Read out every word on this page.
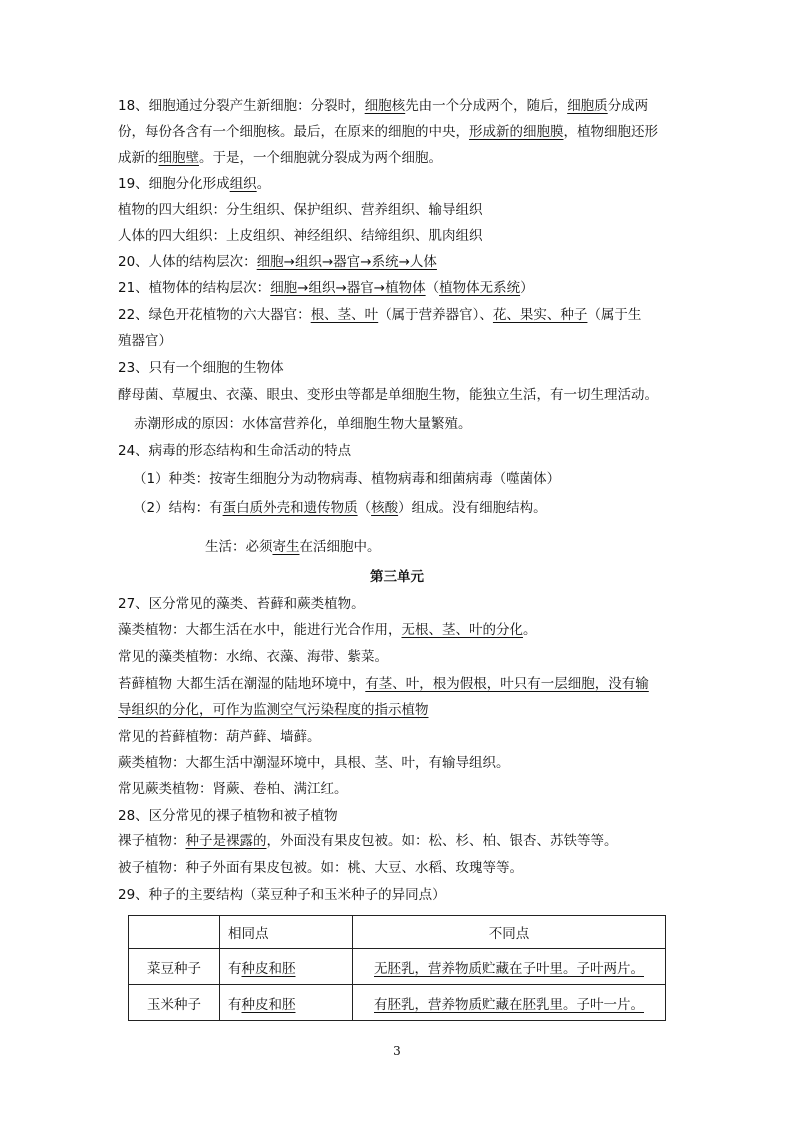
18、细胞通过分裂产生新细胞：分裂时，细胞核先由一个分成两个，随后，细胞质分成两
份，每份各含有一个细胞核。最后，在原来的细胞的中央，形成新的细胞膜，植物细胞还形
成新的细胞壁。于是，一个细胞就分裂成为两个细胞。
19、细胞分化形成组织。
植物的四大组织：分生组织、保护组织、营养组织、输导组织
人体的四大组织：上皮组织、神经组织、结缔组织、肌肉组织
20、人体的结构层次：细胞→组织→器官→系统→人体
21、植物体的结构层次：细胞→组织→器官→植物体（植物体无系统）
22、绿色开花植物的六大器官：根、茎、叶（属于营养器官）、花、果实、种子（属于生
殖器官）
23、只有一个细胞的生物体
酵母菌、草履虫、衣藻、眼虫、变形虫等都是单细胞生物，能独立生活，有一切生理活动。
赤潮形成的原因：水体富营养化，单细胞生物大量繁殖。
24、病毒的形态结构和生命活动的特点
（1）种类：按寄生细胞分为动物病毒、植物病毒和细菌病毒（噬菌体）
（2）结构：有蛋白质外壳和遗传物质（核酸）组成。没有细胞结构。
生活：必须寄生在活细胞中。
第三单元
27、区分常见的藻类、苔藓和蕨类植物。
藻类植物：大都生活在水中，能进行光合作用，无根、茎、叶的分化。
常见的藻类植物：水绵、衣藻、海带、紫菜。
苔藓植物 大都生活在潮湿的陆地环境中，有茎、叶，根为假根，叶只有一层细胞，没有输
导组织的分化，可作为监测空气污染程度的指示植物
常见的苔藓植物：葫芦藓、墙藓。
蕨类植物：大都生活中潮湿环境中，具根、茎、叶，有输导组织。
常见蕨类植物：肾蕨、卷柏、满江红。
28、区分常见的裸子植物和被子植物
裸子植物：种子是裸露的，外面没有果皮包被。如：松、杉、柏、银杏、苏铁等等。
被子植物：种子外面有果皮包被。如：桃、大豆、水稻、玫瑰等等。
29、种子的主要结构（菜豆种子和玉米种子的异同点）
	相同点	不同点
菜豆种子	有种皮和胚	无胚乳，营养物质贮藏在子叶里。子叶两片。
玉米种子	有种皮和胚	有胚乳，营养物质贮藏在胚乳里。子叶一片。
3
